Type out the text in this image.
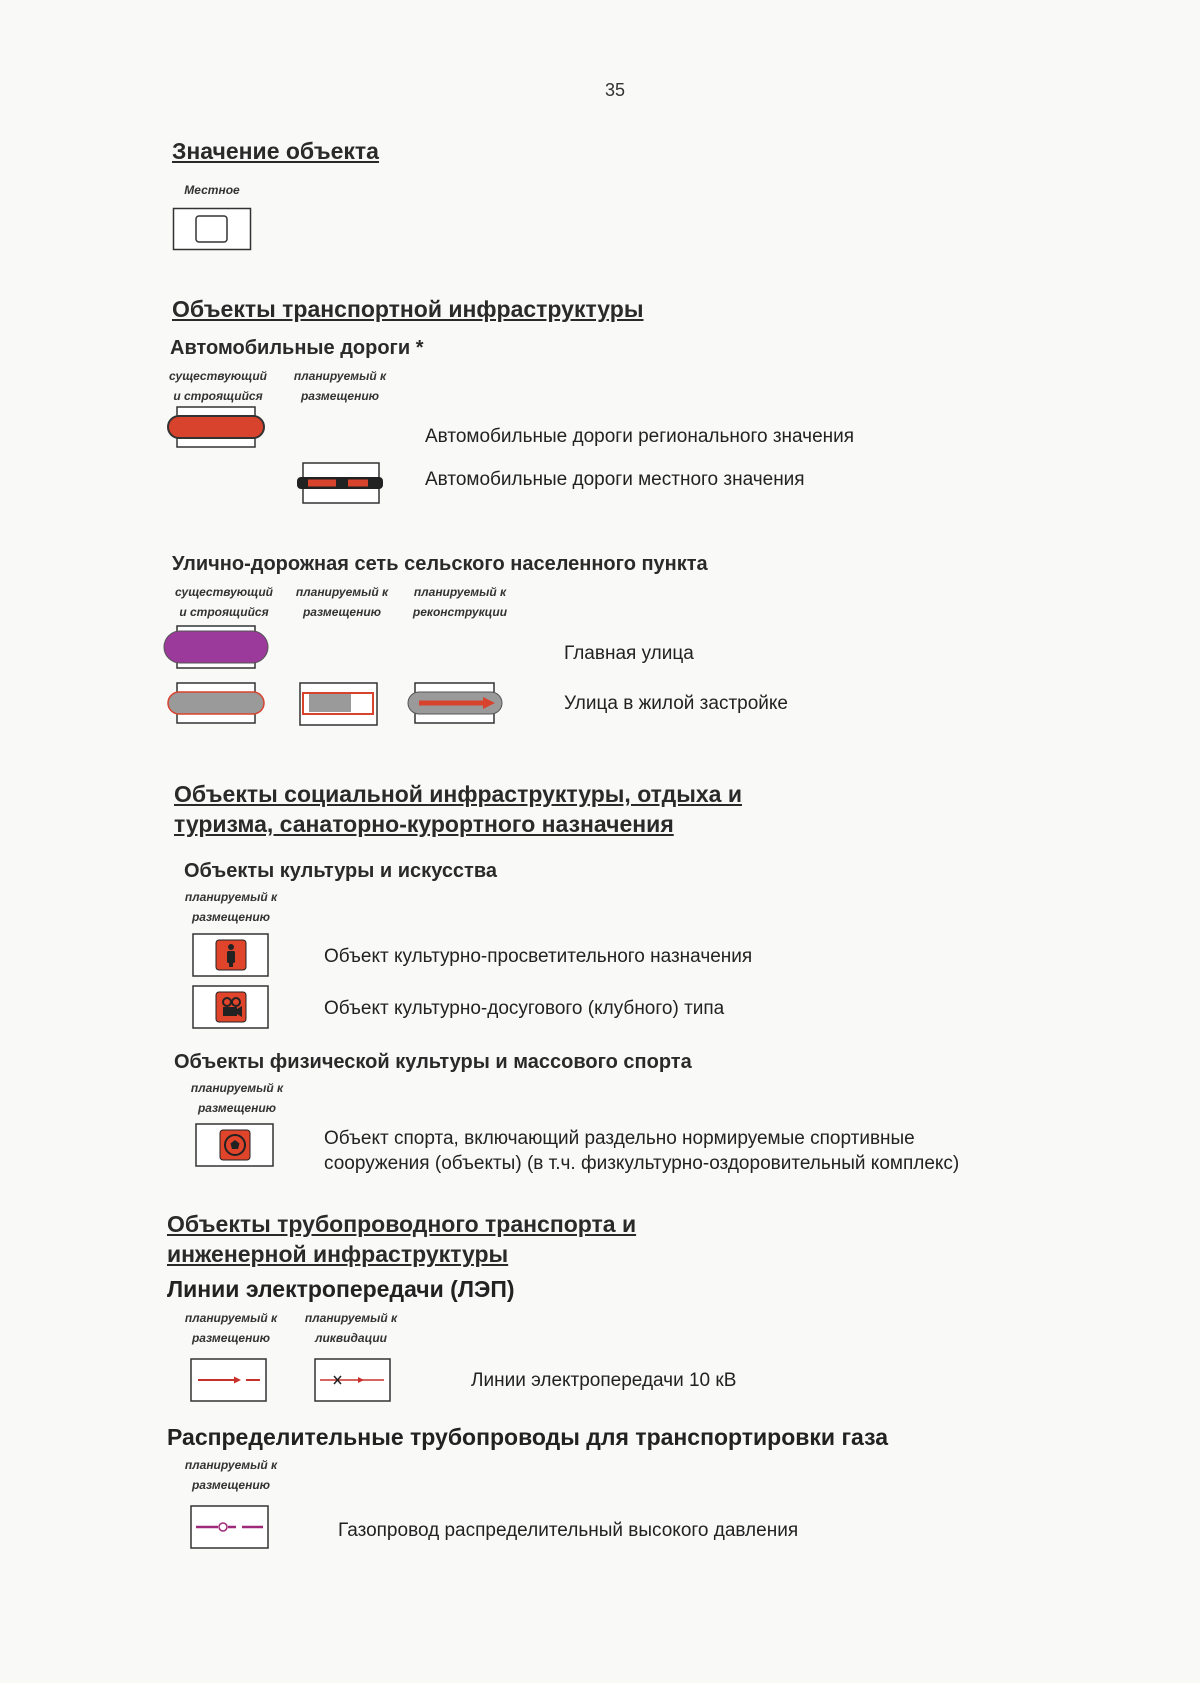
35
Значение объекта
Местное
Объекты транспортной инфраструктуры
Автомобильные дороги *
существующий
и строящийся
планируемый к
размещению
Автомобильные дороги регионального значения
Автомобильные дороги местного значения
Улично-дорожная сеть сельского населенного пункта
существующий
и строящийся
планируемый к
размещению
планируемый к
реконструкции
Главная улица
Улица в жилой застройке
Объекты социальной инфраструктуры, отдыха и
туризма, санаторно-курортного назначения
Объекты культуры и искусства
планируемый к
размещению
Объект культурно-просветительного назначения
Объект культурно-досугового (клубного) типа
Объекты физической культуры и массового спорта
планируемый к
размещению
Объект спорта, включающий раздельно нормируемые спортивные
сооружения (объекты) (в т.ч. физкультурно-оздоровительный комплекс)
Объекты трубопроводного транспорта и
инженерной инфраструктуры
Линии электропередачи (ЛЭП)
планируемый к
размещению
планируемый к
ликвидации
Линии электропередачи 10 кВ
Распределительные трубопроводы для транспортировки газа
планируемый к
размещению
Газопровод распределительный высокого давления
